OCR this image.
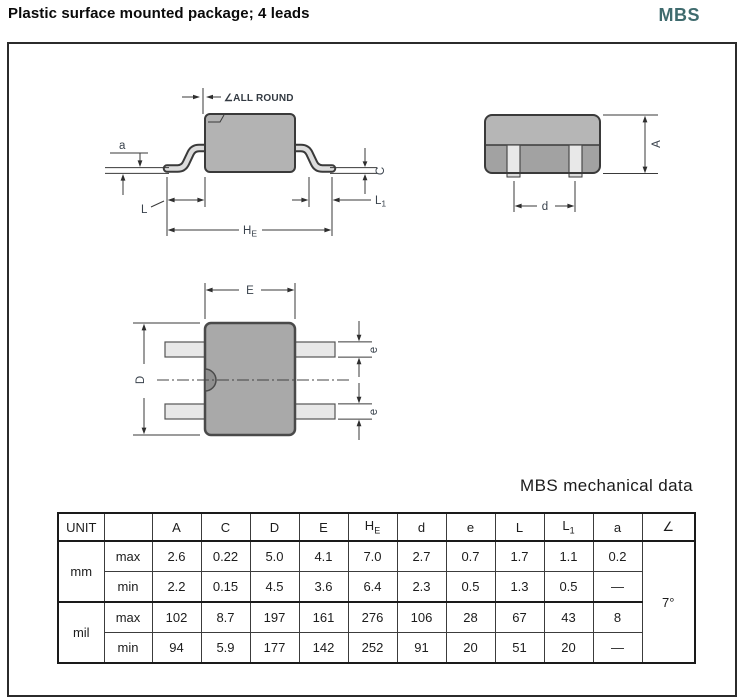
Plastic surface mounted package; 4 leads	MBS
∠ALL ROUND
a
L
$H_E$
C
$L_1$
A
d
E
D
e
e
MBS mechanical data
UNIT		A	C	D	E	$H_E$	d	e	L	$L_1$	a	∠
mm	max	2.6	0.22	5.0	4.1	7.0	2.7	0.7	1.7	1.1	0.2	7°
	min	2.2	0.15	4.5	3.6	6.4	2.3	0.5	1.3	0.5	—	
mil	max	102	8.7	197	161	276	106	28	67	43	8	
	min	94	5.9	177	142	252	91	20	51	20	—	
